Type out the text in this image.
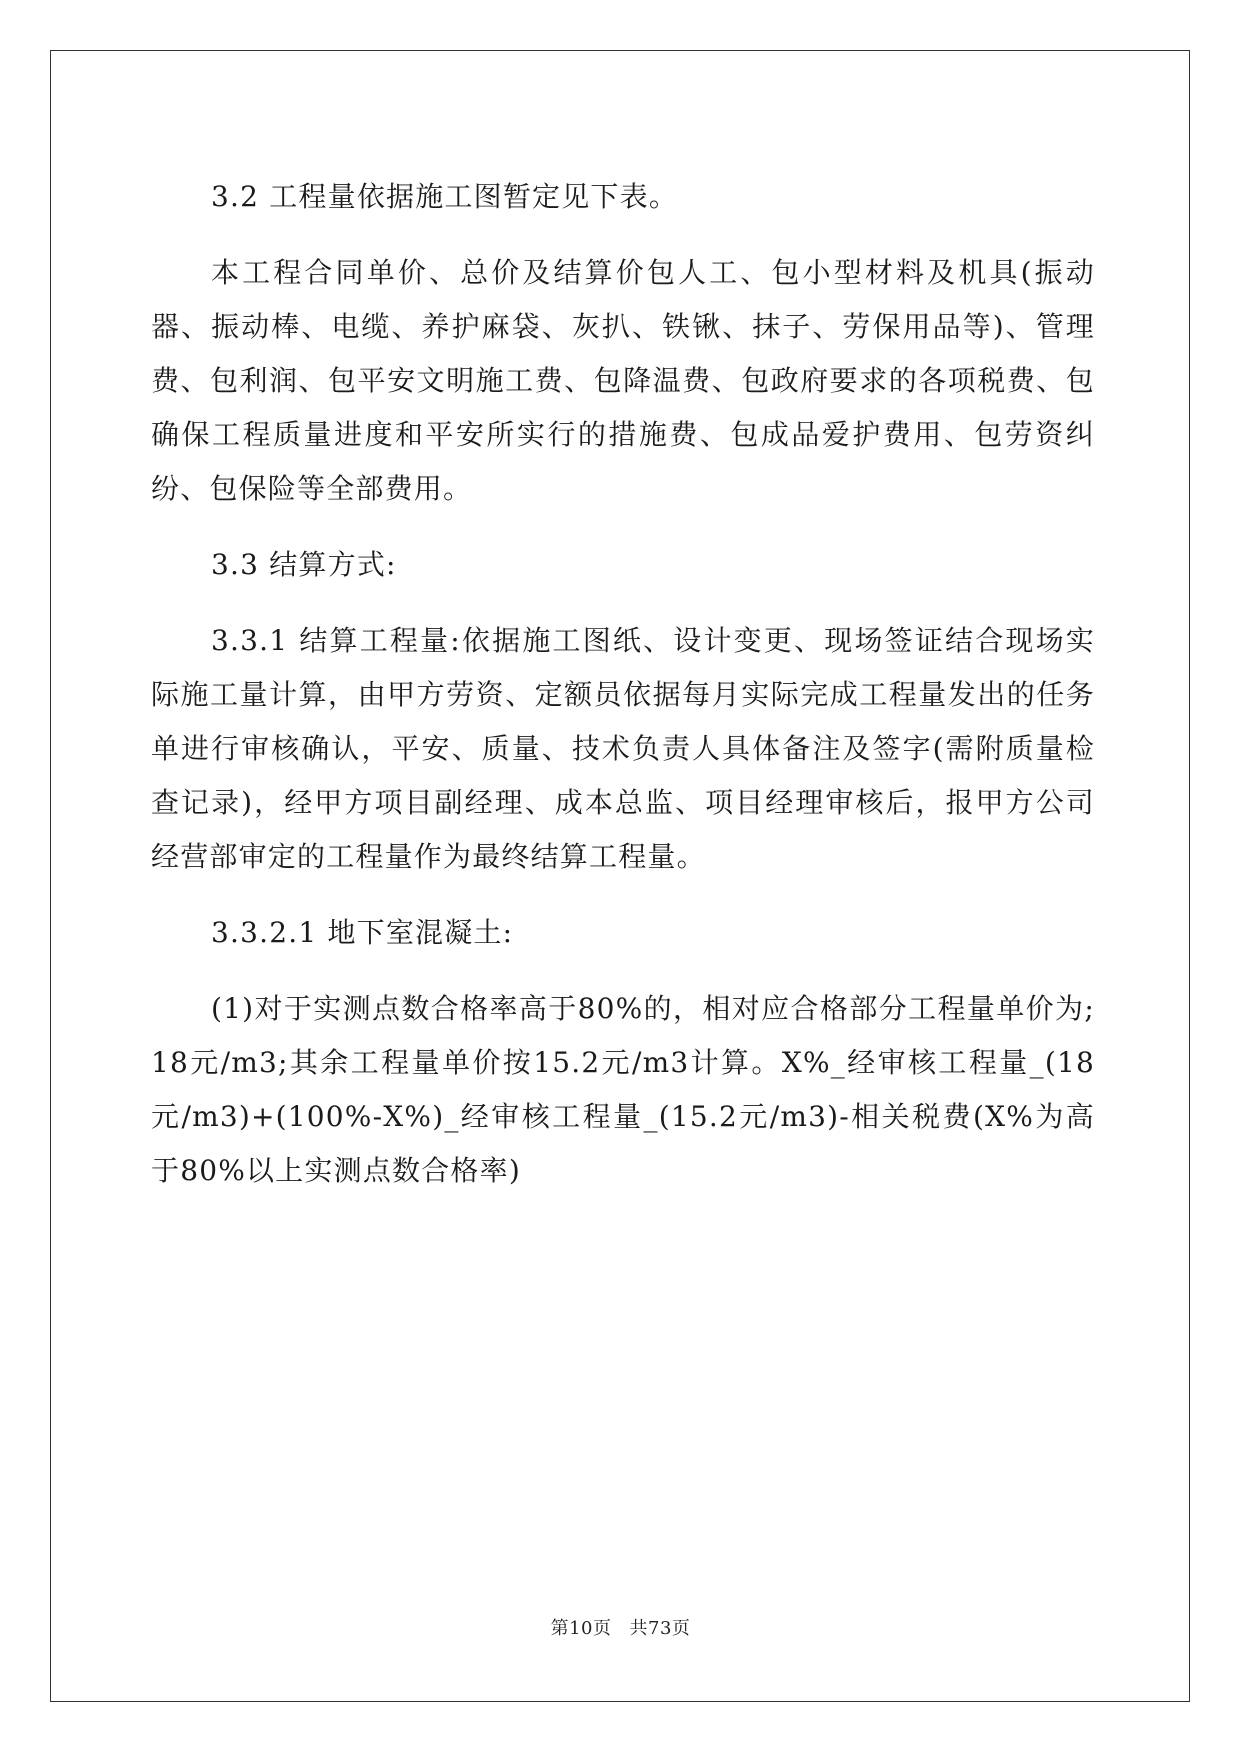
3.2 工程量依据施工图暂定见下表。

本工程合同单价、总价及结算价包人工、包小型材料及机具(振动器、振动棒、电缆、养护麻袋、灰扒、铁锹、抹子、劳保用品等)、管理费、包利润、包平安文明施工费、包降温费、包政府要求的各项税费、包确保工程质量进度和平安所实行的措施费、包成品爱护费用、包劳资纠纷、包保险等全部费用。

3.3 结算方式:

3.3.1 结算工程量:依据施工图纸、设计变更、现场签证结合现场实际施工量计算，由甲方劳资、定额员依据每月实际完成工程量发出的任务单进行审核确认，平安、质量、技术负责人具体备注及签字(需附质量检查记录)，经甲方项目副经理、成本总监、项目经理审核后，报甲方公司经营部审定的工程量作为最终结算工程量。

3.3.2.1 地下室混凝土:

(1)对于实测点数合格率高于80%的，相对应合格部分工程量单价为;18元/m3;其余工程量单价按15.2元/m3计算。X%_经审核工程量_(18元/m3)+(100%-X%)_经审核工程量_(15.2元/m3)-相关税费(X%为高于80%以上实测点数合格率)

第10页 共73页
